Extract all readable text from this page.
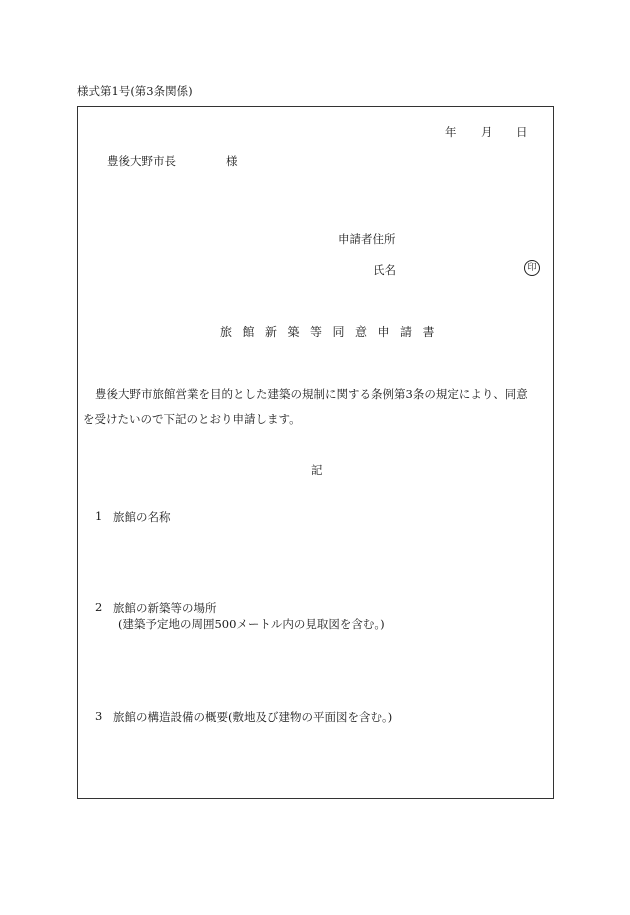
様式第1号(第3条関係)
年 月 日
豊後大野市長	様
申請者住所
氏名	印
旅館新築等同意申請書
豊後大野市旅館営業を目的とした建築の規制に関する条例第3条の規定により、同意
を受けたいので下記のとおり申請します。
記
1 旅館の名称
2 旅館の新築等の場所
(建築予定地の周囲500メートル内の見取図を含む。)
3 旅館の構造設備の概要(敷地及び建物の平面図を含む。)
